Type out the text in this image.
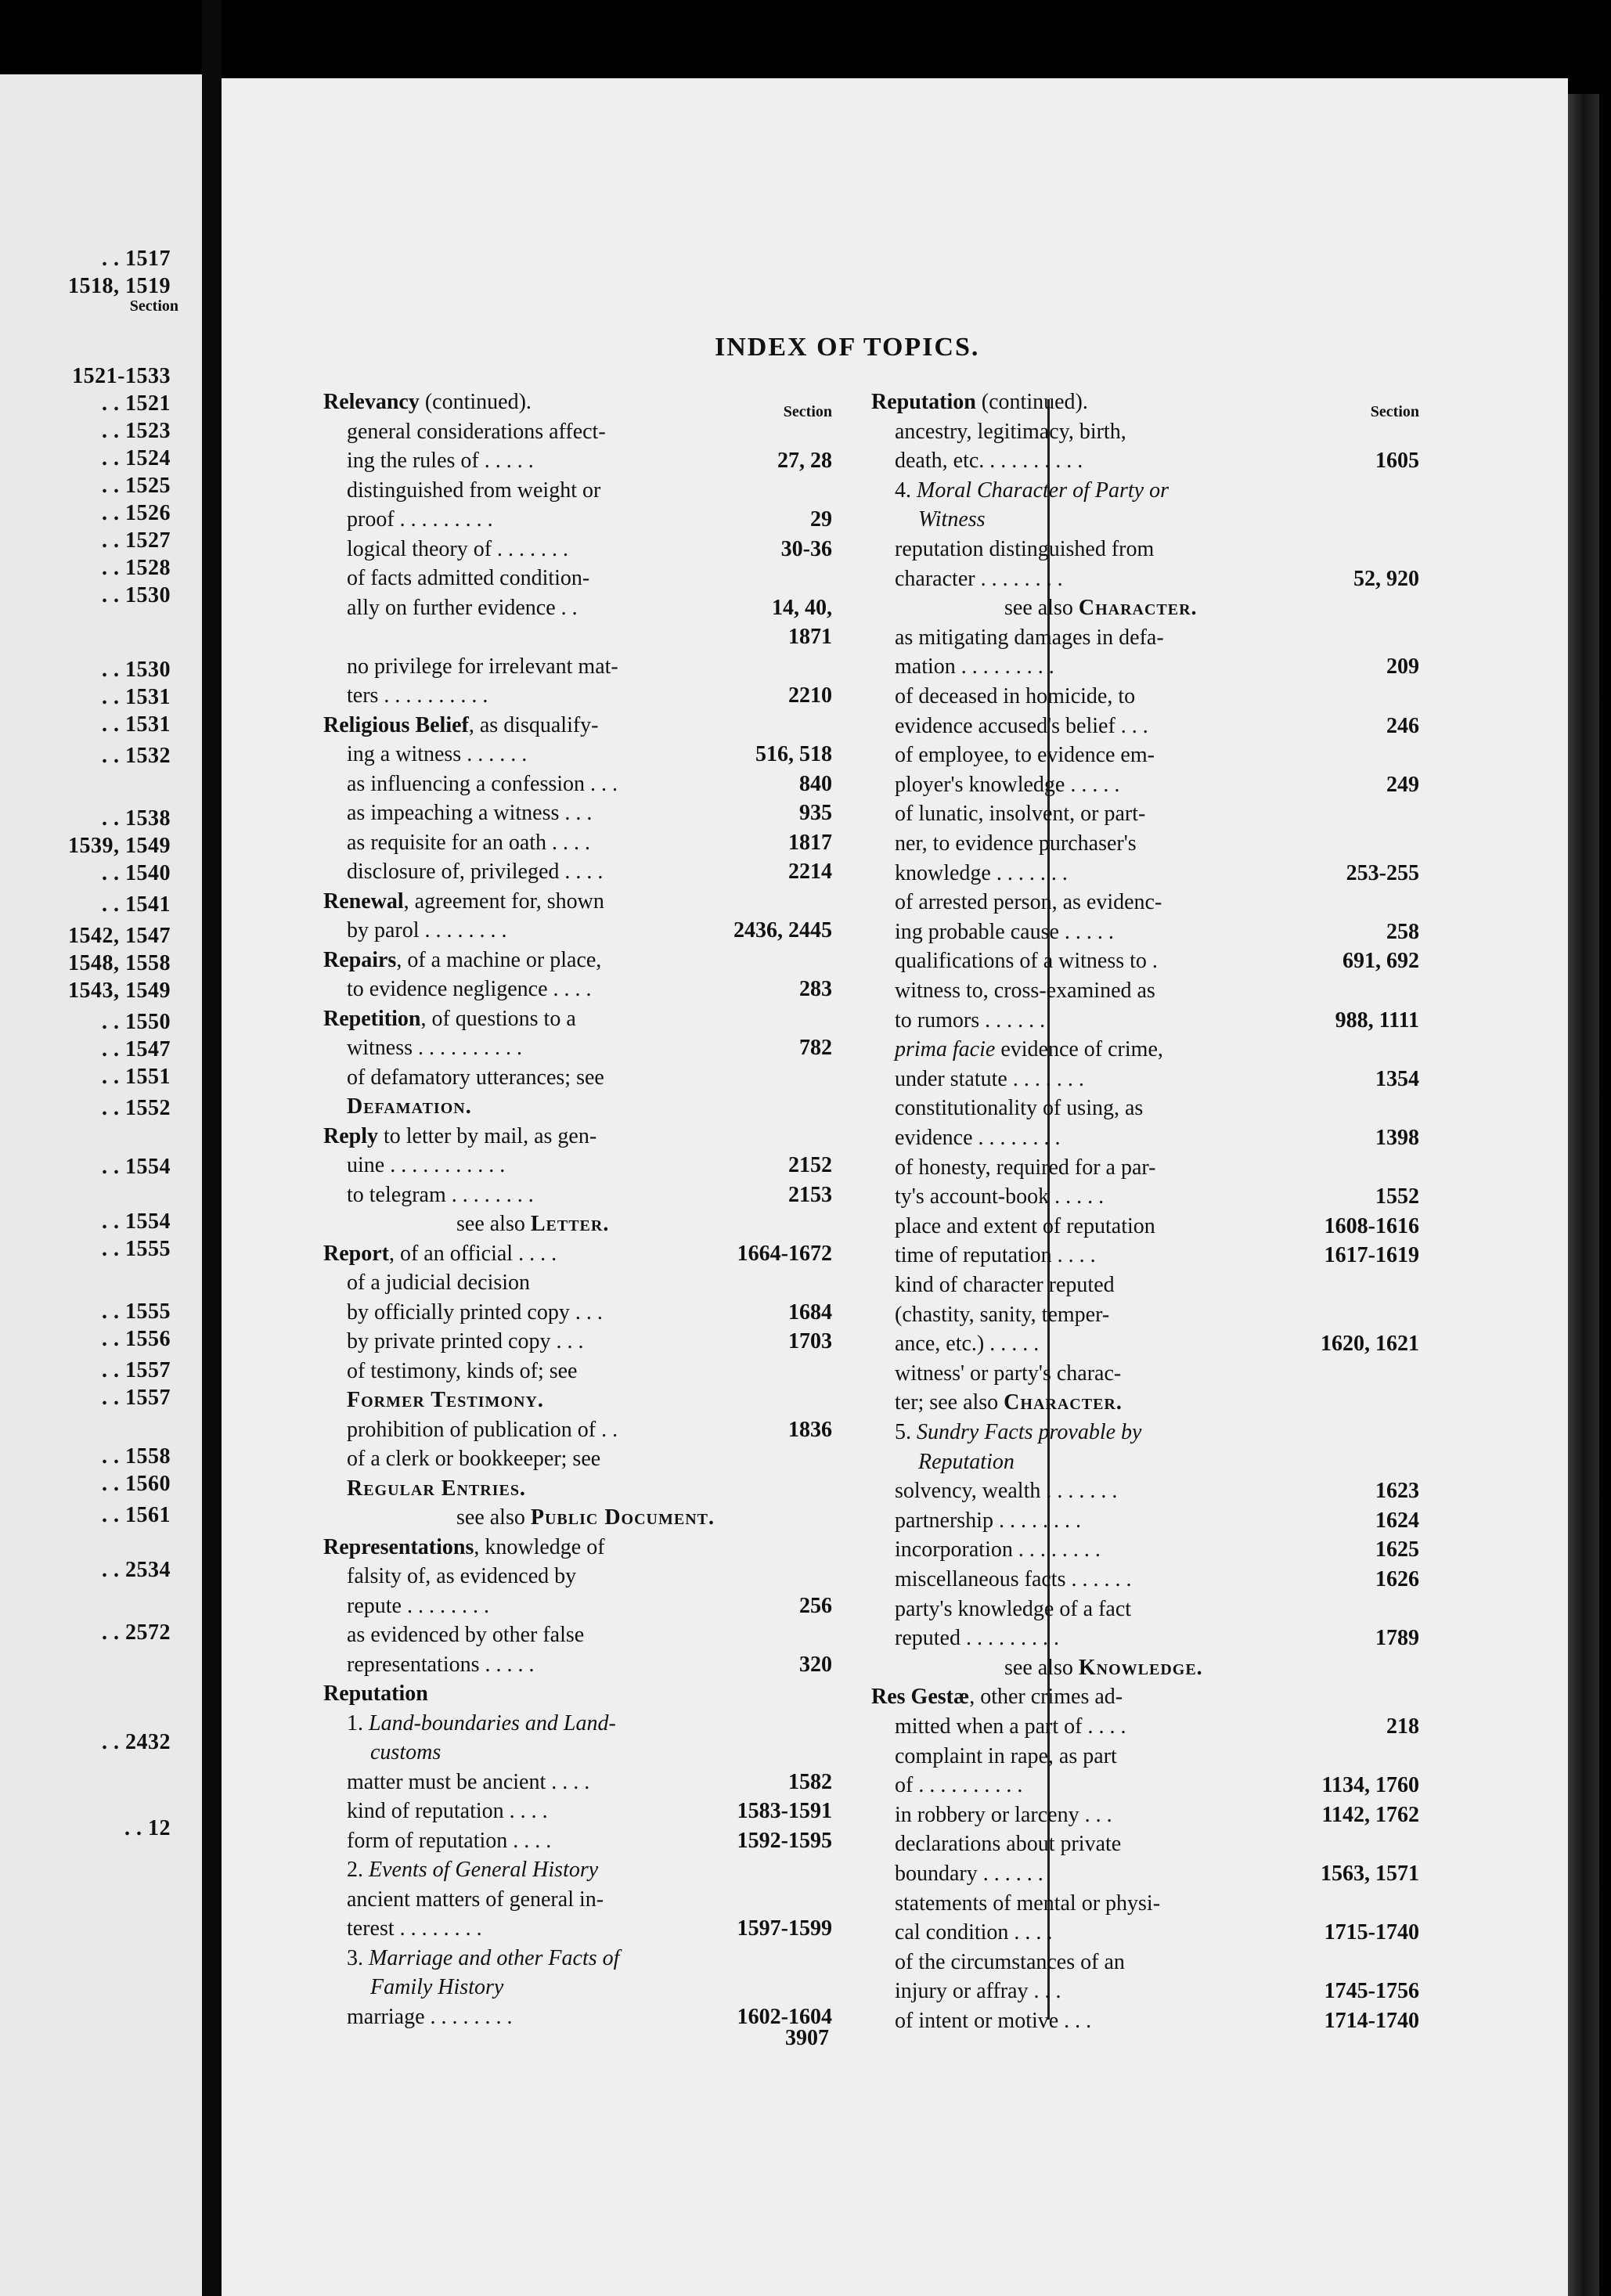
Section
. . 1517
1518, 1519
1521-1533
. . 1521
. . 1523
. . 1524
. . 1525
. . 1526
. . 1527
. . 1528
. . 1530
. . 1530
. . 1531
. . 1531
. . 1532
. . 1538
1539, 1549
. . 1540
. . 1541
1542, 1547
1548, 1558
1543, 1549
. . 1550
. . 1547
. . 1551
. . 1552
. . 1554
. . 1554
. . 1555
. . 1555
. . 1556
. . 1557
. . 1557
. . 1558
. . 1560
. . 1561
. . 2534
. . 2572
. . 2432
. . 12
INDEX OF TOPICS.
Section
Relevancy (continued).
general considerations affect-
ing the rules of . . . . .	27, 28
distinguished from weight or
proof . . . . . . . . .	29
logical theory of . . . . . . .	30-36
of facts admitted condition-
ally on further evidence . .	14, 40,
1871
no privilege for irrelevant mat-
ters . . . . . . . . . .	2210
Religious Belief, as disqualify-
ing a witness . . . . . .	516, 518
as influencing a confession . . .	840
as impeaching a witness . . .	935
as requisite for an oath . . . .	1817
disclosure of, privileged . . . .	2214
Renewal, agreement for, shown
by parol . . . . . . . .	2436, 2445
Repairs, of a machine or place,
to evidence negligence . . . .	283
Repetition, of questions to a
witness . . . . . . . . . .	782
of defamatory utterances; see
Defamation.
Reply to letter by mail, as gen-
uine . . . . . . . . . . .	2152
to telegram . . . . . . . .	2153
see also Letter.
Report, of an official . . . .	1664-1672
of a judicial decision
by officially printed copy . . .	1684
by private printed copy . . .	1703
of testimony, kinds of; see
Former Testimony.
prohibition of publication of . .	1836
of a clerk or bookkeeper; see
Regular Entries.
see also Public Document.
Representations, knowledge of
falsity of, as evidenced by
repute . . . . . . . .	256
as evidenced by other false
representations . . . . .	320
Reputation
1. Land-boundaries and Land-
customs
matter must be ancient . . . .	1582
kind of reputation . . . .	1583-1591
form of reputation . . . .	1592-1595
2. Events of General History
ancient matters of general in-
terest . . . . . . . .	1597-1599
3. Marriage and other Facts of
Family History
marriage . . . . . . . .	1602-1604
Section
Reputation (continued).
ancestry, legitimacy, birth,
death, etc. . . . . . . . . .	1605
4. Moral Character of Party or
Witness
reputation distinguished from
character . . . . . . . .	52, 920
see also Character.
as mitigating damages in defa-
mation . . . . . . . . .	209
of deceased in homicide, to
evidence accused's belief . . .	246
of employee, to evidence em-
ployer's knowledge . . . . .	249
of lunatic, insolvent, or part-
ner, to evidence purchaser's
knowledge . . . . . . .	253-255
of arrested person, as evidenc-
ing probable cause . . . . .	258
qualifications of a witness to .	691, 692
witness to, cross-examined as
to rumors . . . . . .	988, 1111
prima facie evidence of crime,
under statute . . . . . . .	1354
constitutionality of using, as
evidence . . . . . . . .	1398
of honesty, required for a par-
ty's account-book . . . . .	1552
place and extent of reputation	1608-1616
time of reputation . . . .	1617-1619
kind of character reputed
(chastity, sanity, temper-
ance, etc.) . . . . .	1620, 1621
witness' or party's charac-
ter; see also Character.
5. Sundry Facts provable by
Reputation
solvency, wealth . . . . . . .	1623
partnership . . . . . . . .	1624
incorporation . . . . . . . .	1625
miscellaneous facts . . . . . .	1626
party's knowledge of a fact
reputed . . . . . . . . .	1789
see also Knowledge.
Res Gestæ, other crimes ad-
mitted when a part of . . . .	218
complaint in rape, as part
of . . . . . . . . . .	1134, 1760
in robbery or larceny . . .	1142, 1762
declarations about private
boundary . . . . . .	1563, 1571
statements of mental or physi-
cal condition . . . .	1715-1740
of the circumstances of an
injury or affray . . .	1745-1756
of intent or motive . . .	1714-1740
3907
